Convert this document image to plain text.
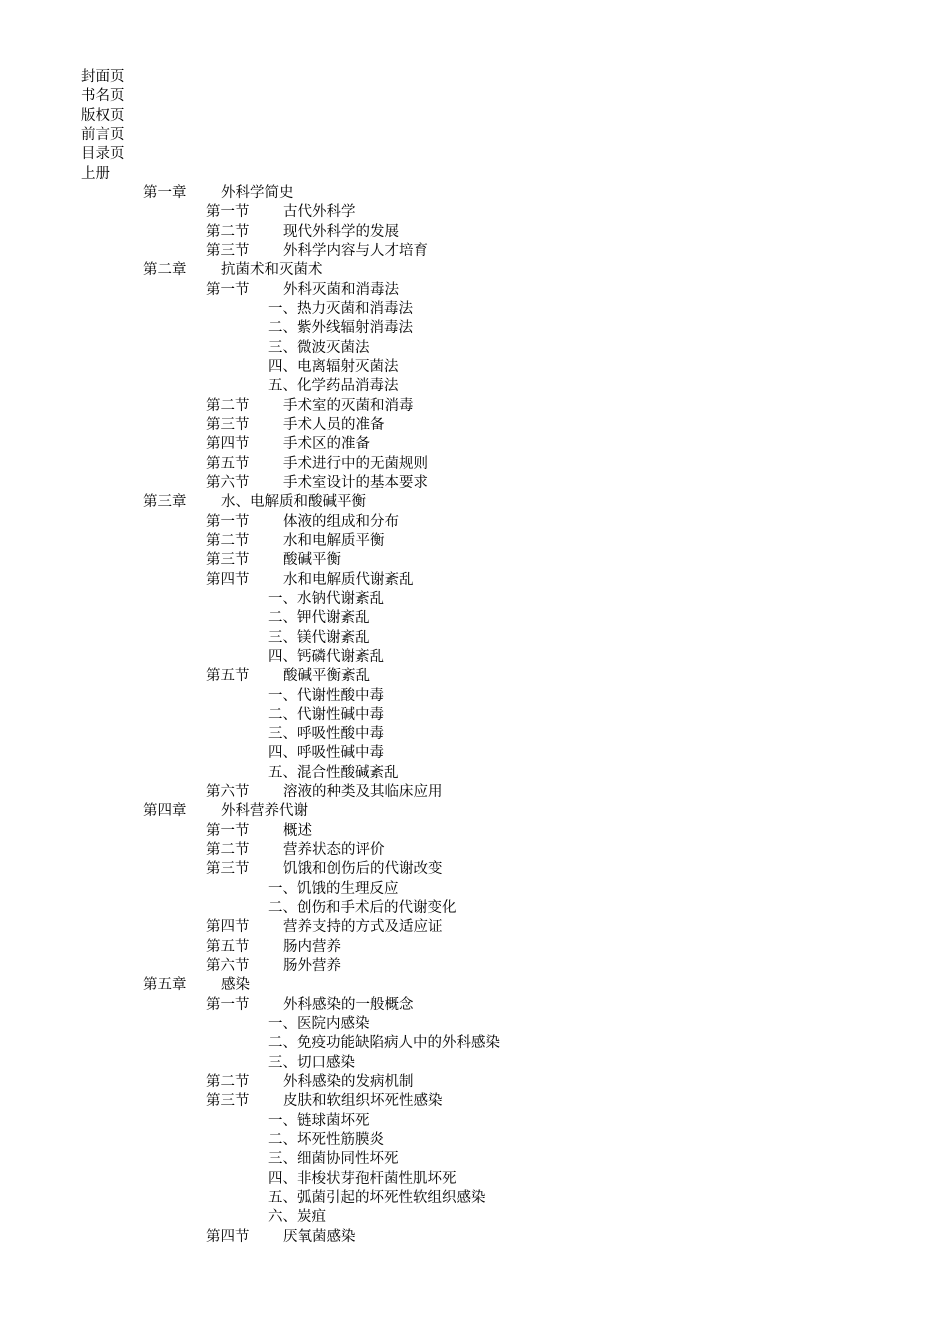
封面页
书名页
版权页
前言页
目录页
上册
第一章 外科学简史
第一节 古代外科学
第二节 现代外科学的发展
第三节 外科学内容与人才培育
第二章 抗菌术和灭菌术
第一节 外科灭菌和消毒法
一、热力灭菌和消毒法
二、紫外线辐射消毒法
三、微波灭菌法
四、电离辐射灭菌法
五、化学药品消毒法
第二节 手术室的灭菌和消毒
第三节 手术人员的准备
第四节 手术区的准备
第五节 手术进行中的无菌规则
第六节 手术室设计的基本要求
第三章 水、电解质和酸碱平衡
第一节 体液的组成和分布
第二节 水和电解质平衡
第三节 酸碱平衡
第四节 水和电解质代谢紊乱
一、水钠代谢紊乱
二、钾代谢紊乱
三、镁代谢紊乱
四、钙磷代谢紊乱
第五节 酸碱平衡紊乱
一、代谢性酸中毒
二、代谢性碱中毒
三、呼吸性酸中毒
四、呼吸性碱中毒
五、混合性酸碱紊乱
第六节 溶液的种类及其临床应用
第四章 外科营养代谢
第一节 概述
第二节 营养状态的评价
第三节 饥饿和创伤后的代谢改变
一、饥饿的生理反应
二、创伤和手术后的代谢变化
第四节 营养支持的方式及适应证
第五节 肠内营养
第六节 肠外营养
第五章 感染
第一节 外科感染的一般概念
一、医院内感染
二、免疫功能缺陷病人中的外科感染
三、切口感染
第二节 外科感染的发病机制
第三节 皮肤和软组织坏死性感染
一、链球菌坏死
二、坏死性筋膜炎
三、细菌协同性坏死
四、非梭状芽孢杆菌性肌坏死
五、弧菌引起的坏死性软组织感染
六、炭疽
第四节 厌氧菌感染
